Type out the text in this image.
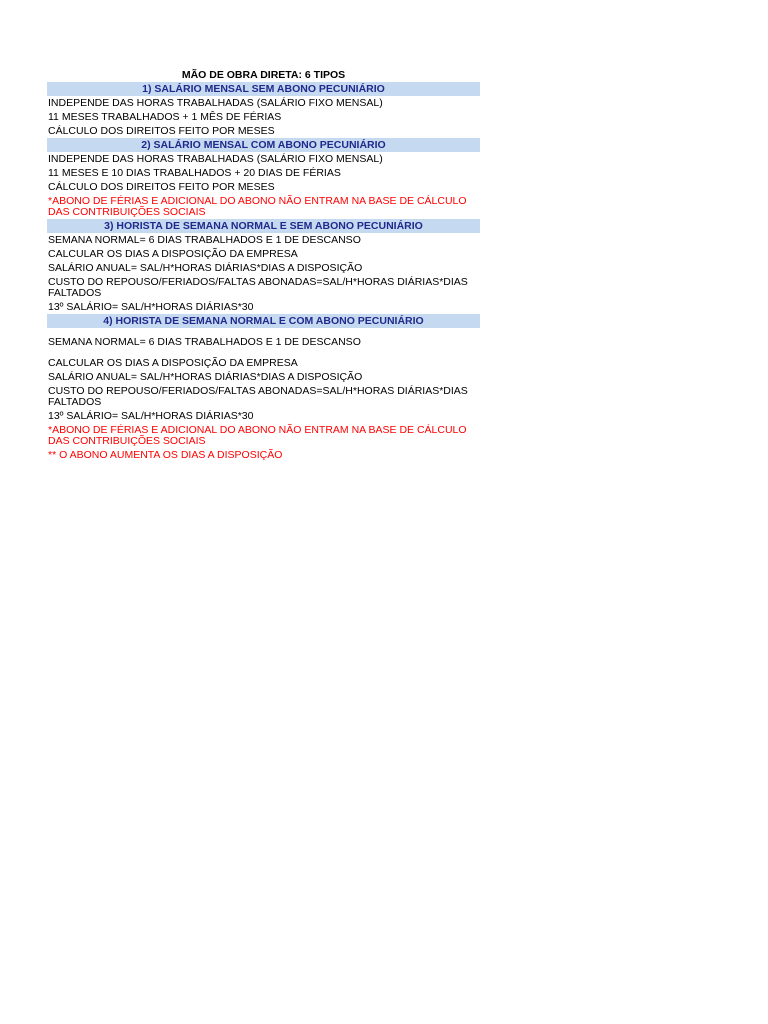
MÃO DE OBRA DIRETA: 6 TIPOS
1) SALÁRIO MENSAL SEM ABONO PECUNIÁRIO
INDEPENDE DAS HORAS TRABALHADAS (SALÁRIO FIXO MENSAL)
11 MESES TRABALHADOS + 1 MÊS DE FÉRIAS
CÁLCULO DOS DIREITOS FEITO POR MESES
2) SALÁRIO MENSAL COM ABONO PECUNIÁRIO
INDEPENDE DAS HORAS TRABALHADAS (SALÁRIO FIXO MENSAL)
11 MESES E 10 DIAS TRABALHADOS + 20 DIAS DE FÉRIAS
CÁLCULO DOS DIREITOS FEITO POR MESES
*ABONO DE FÉRIAS E ADICIONAL DO ABONO NÃO ENTRAM NA BASE DE CÁLCULO DAS CONTRIBUIÇÕES SOCIAIS
3) HORISTA DE SEMANA NORMAL E SEM ABONO PECUNIÁRIO
SEMANA NORMAL= 6 DIAS TRABALHADOS E 1 DE DESCANSO
CALCULAR OS DIAS A DISPOSIÇÃO DA EMPRESA
SALÁRIO ANUAL= SAL/H*HORAS DIÁRIAS*DIAS A DISPOSIÇÃO
CUSTO DO REPOUSO/FERIADOS/FALTAS ABONADAS=SAL/H*HORAS DIÁRIAS*DIAS FALTADOS
13º SALÁRIO= SAL/H*HORAS DIÁRIAS*30
4) HORISTA DE SEMANA NORMAL E COM ABONO PECUNIÁRIO
SEMANA NORMAL= 6 DIAS TRABALHADOS E 1 DE DESCANSO
CALCULAR OS DIAS A DISPOSIÇÃO DA EMPRESA
SALÁRIO ANUAL= SAL/H*HORAS DIÁRIAS*DIAS A DISPOSIÇÃO
CUSTO DO REPOUSO/FERIADOS/FALTAS ABONADAS=SAL/H*HORAS DIÁRIAS*DIAS FALTADOS
13º SALÁRIO= SAL/H*HORAS DIÁRIAS*30
*ABONO DE FÉRIAS E ADICIONAL DO ABONO NÃO ENTRAM NA BASE DE CÁLCULO DAS CONTRIBUIÇÕES SOCIAIS
** O ABONO AUMENTA OS DIAS A DISPOSIÇÃO
